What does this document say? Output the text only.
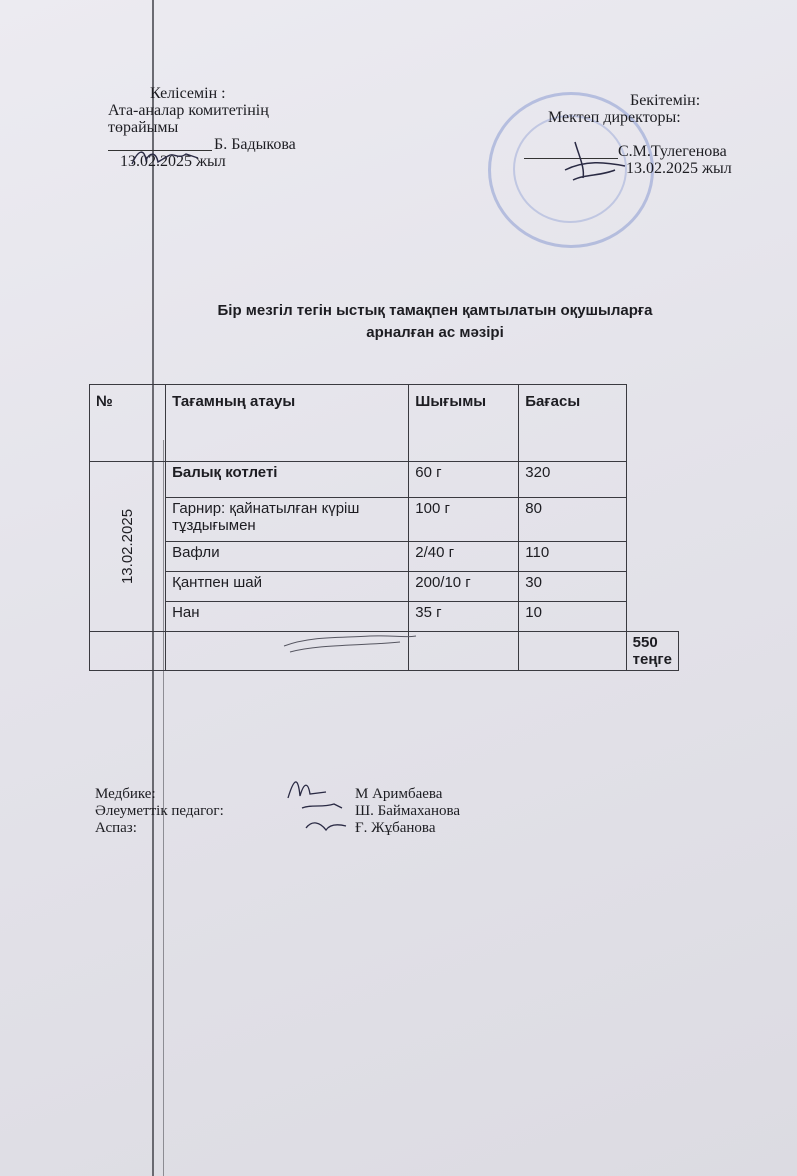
Келісемін :
Ата-аналар комитетінің
төрайымы
Б. Бадыкова
13.02.2025 жыл
Бекітемін:
Мектеп директоры:
С.М.Тулегенова
13.02.2025 жыл
Бір мезгіл тегін ыстық тамақпен қамтылатын оқушыларға
арналған ас мәзірі
№	Тағамның атауы	Шығымы	Бағасы	
13.02.2025	Балық котлеті	60 г	320	
	Гарнир: қайнатылған күріш тұздығымен	100 г	80	
	Вафли	2/40 г	110	
	Қантпен шай	200/10 г	30	
	Нан	35 г	10	
				550 теңге
Медбике:	М Аримбаева
Әлеуметтік педагог:	Ш. Баймаханова
Аспаз:	Ғ. Жұбанова
